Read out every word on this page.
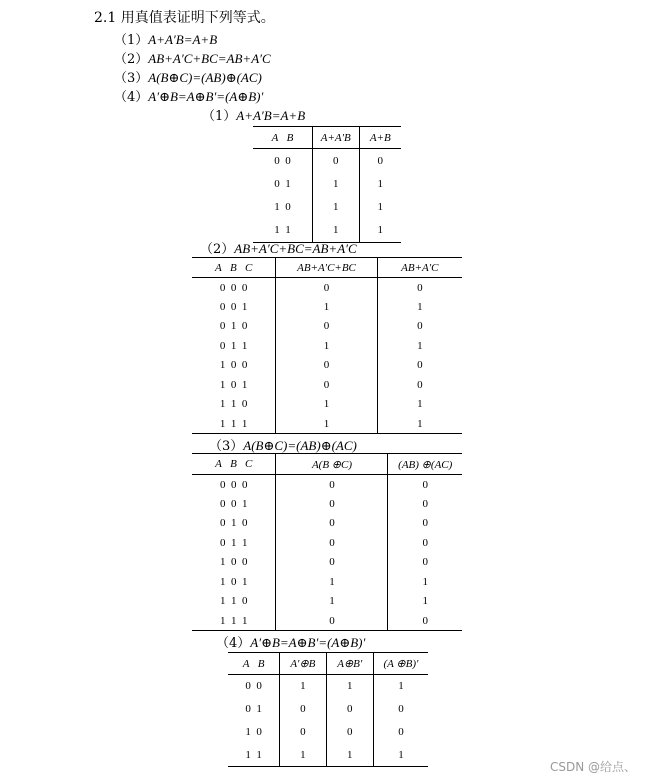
2.1 用真值表证明下列等式。
（1）A+A′B=A+B
（2）AB+A′C+BC=AB+A′C
（3）A(B⊕C)=(AB)⊕(AC)
（4）A′⊕B=A⊕B′=(A⊕B)′
（1）A+A′B=A+B
A B	A+A′B	A+B
0  0	0	0
0  1	1	1
1  0	1	1
1  1	1	1
（2）AB+A′C+BC=AB+A′C
A B C	AB+A′C+BC	AB+A′C
0  0  0	0	0
0  0  1	1	1
0  1  0	0	0
0  1  1	1	1
1  0  0	0	0
1  0  1	0	0
1  1  0	1	1
1  1  1	1	1
（3）A(B⊕C)=(AB)⊕(AC)
A B C	A(B ⊕C)	(AB) ⊕(AC)
0  0  0	0	0
0  0  1	0	0
0  1  0	0	0
0  1  1	0	0
1  0  0	0	0
1  0  1	1	1
1  1  0	1	1
1  1  1	0	0
（4）A′⊕B=A⊕B′=(A⊕B)′
A B	A′⊕B	A⊕B′	(A ⊕B)′
0  0	1	1	1
0  1	0	0	0
1  0	0	0	0
1  1	1	1	1
CSDN @给点、
